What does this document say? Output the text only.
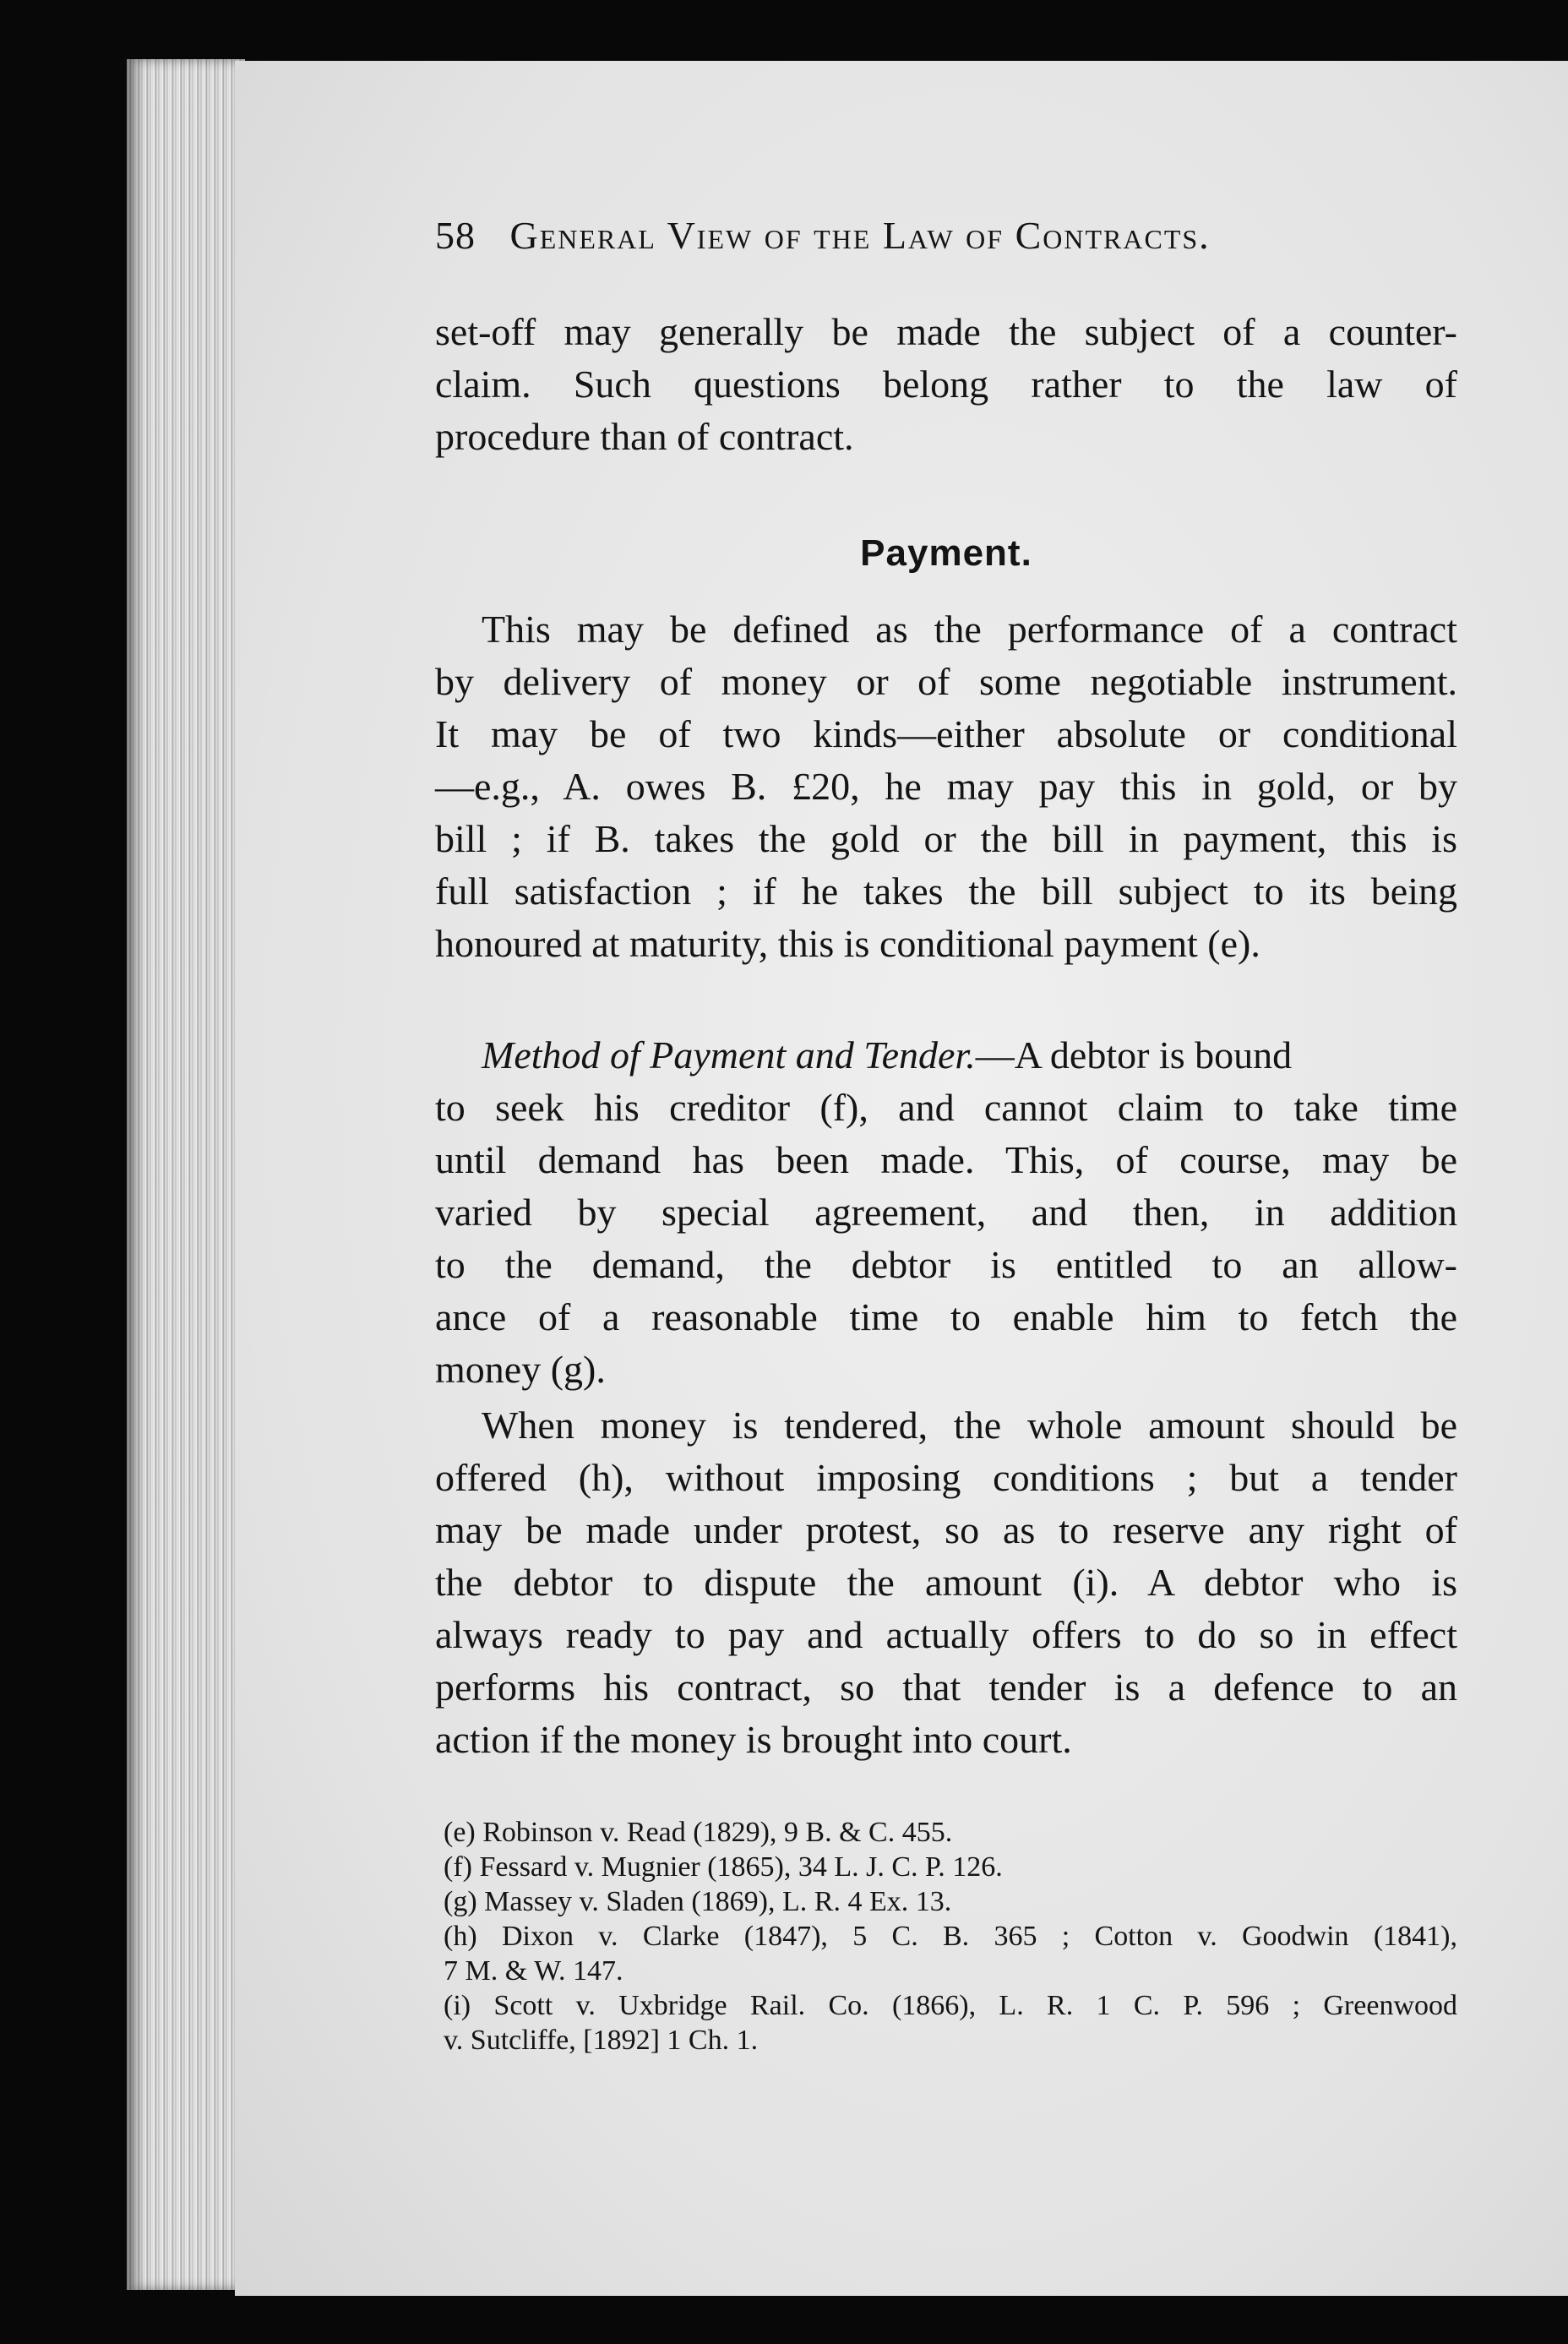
58 General View of the Law of Contracts.
set-off may generally be made the subject of a counter-
claim. Such questions belong rather to the law of
procedure than of contract.
Payment.
This may be defined as the performance of a contract
by delivery of money or of some negotiable instrument.
It may be of two kinds—either absolute or conditional
—e.g., A. owes B. £20, he may pay this in gold, or by
bill ; if B. takes the gold or the bill in payment, this is
full satisfaction ; if he takes the bill subject to its being
honoured at maturity, this is conditional payment (e).
Method of Payment and Tender.—A debtor is bound
to seek his creditor (f), and cannot claim to take time
until demand has been made. This, of course, may be
varied by special agreement, and then, in addition
to the demand, the debtor is entitled to an allow-
ance of a reasonable time to enable him to fetch the
money (g).
When money is tendered, the whole amount should be
offered (h), without imposing conditions ; but a tender
may be made under protest, so as to reserve any right of
the debtor to dispute the amount (i). A debtor who is
always ready to pay and actually offers to do so in effect
performs his contract, so that tender is a defence to an
action if the money is brought into court.
(e) Robinson v. Read (1829), 9 B. & C. 455.
(f) Fessard v. Mugnier (1865), 34 L. J. C. P. 126.
(g) Massey v. Sladen (1869), L. R. 4 Ex. 13.
(h) Dixon v. Clarke (1847), 5 C. B. 365 ; Cotton v. Goodwin (1841),
7 M. & W. 147.
(i) Scott v. Uxbridge Rail. Co. (1866), L. R. 1 C. P. 596 ; Greenwood
v. Sutcliffe, [1892] 1 Ch. 1.
